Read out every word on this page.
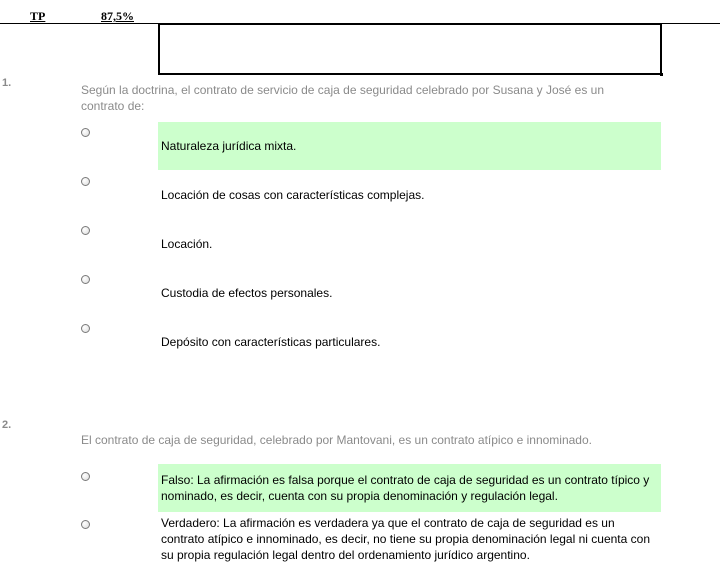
TP	87,5%
1.	Según la doctrina, el contrato de servicio de caja de seguridad celebrado por Susana y José es un contrato de:
Naturaleza jurídica mixta.
Locación de cosas con características complejas.
Locación.
Custodia de efectos personales.
Depósito con características particulares.
2.
El contrato de caja de seguridad, celebrado por Mantovani, es un contrato atípico e innominado.
Falso: La afirmación es falsa porque el contrato de caja de seguridad es un contrato típico y nominado, es decir, cuenta con su propia denominación y regulación legal.
Verdadero: La afirmación es verdadera ya que el contrato de caja de seguridad es un contrato atípico e innominado, es decir, no tiene su propia denominación legal ni cuenta con su propia regulación legal dentro del ordenamiento jurídico argentino.
